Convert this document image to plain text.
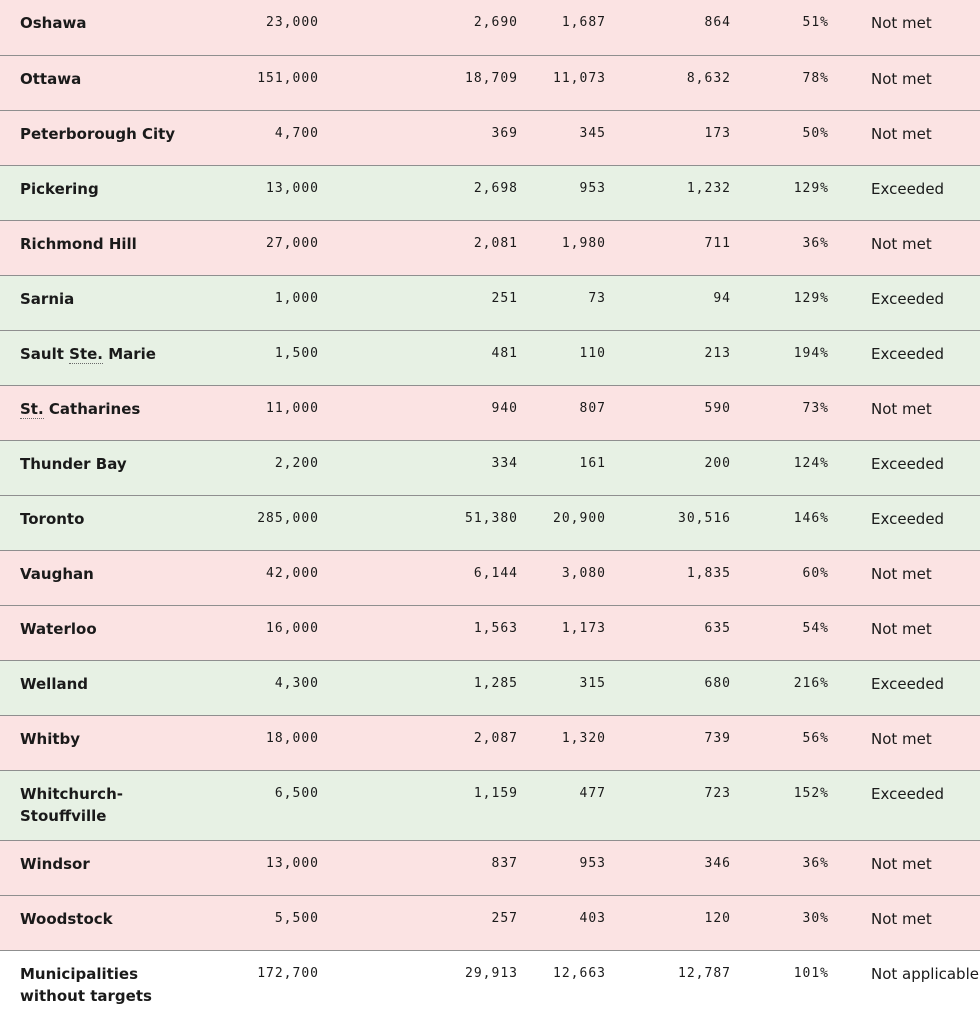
Oshawa	23,000	2,690	1,687	864	51%	Not met
Ottawa	151,000	18,709	11,073	8,632	78%	Not met
Peterborough City	4,700	369	345	173	50%	Not met
Pickering	13,000	2,698	953	1,232	129%	Exceeded
Richmond Hill	27,000	2,081	1,980	711	36%	Not met
Sarnia	1,000	251	73	94	129%	Exceeded
Sault Ste. Marie	1,500	481	110	213	194%	Exceeded
St. Catharines	11,000	940	807	590	73%	Not met
Thunder Bay	2,200	334	161	200	124%	Exceeded
Toronto	285,000	51,380	20,900	30,516	146%	Exceeded
Vaughan	42,000	6,144	3,080	1,835	60%	Not met
Waterloo	16,000	1,563	1,173	635	54%	Not met
Welland	4,300	1,285	315	680	216%	Exceeded
Whitby	18,000	2,087	1,320	739	56%	Not met
Whitchurch-
Stouffville	6,500	1,159	477	723	152%	Exceeded
Windsor	13,000	837	953	346	36%	Not met
Woodstock	5,500	257	403	120	30%	Not met
Municipalities
without targets	172,700	29,913	12,663	12,787	101%	Not applicable
